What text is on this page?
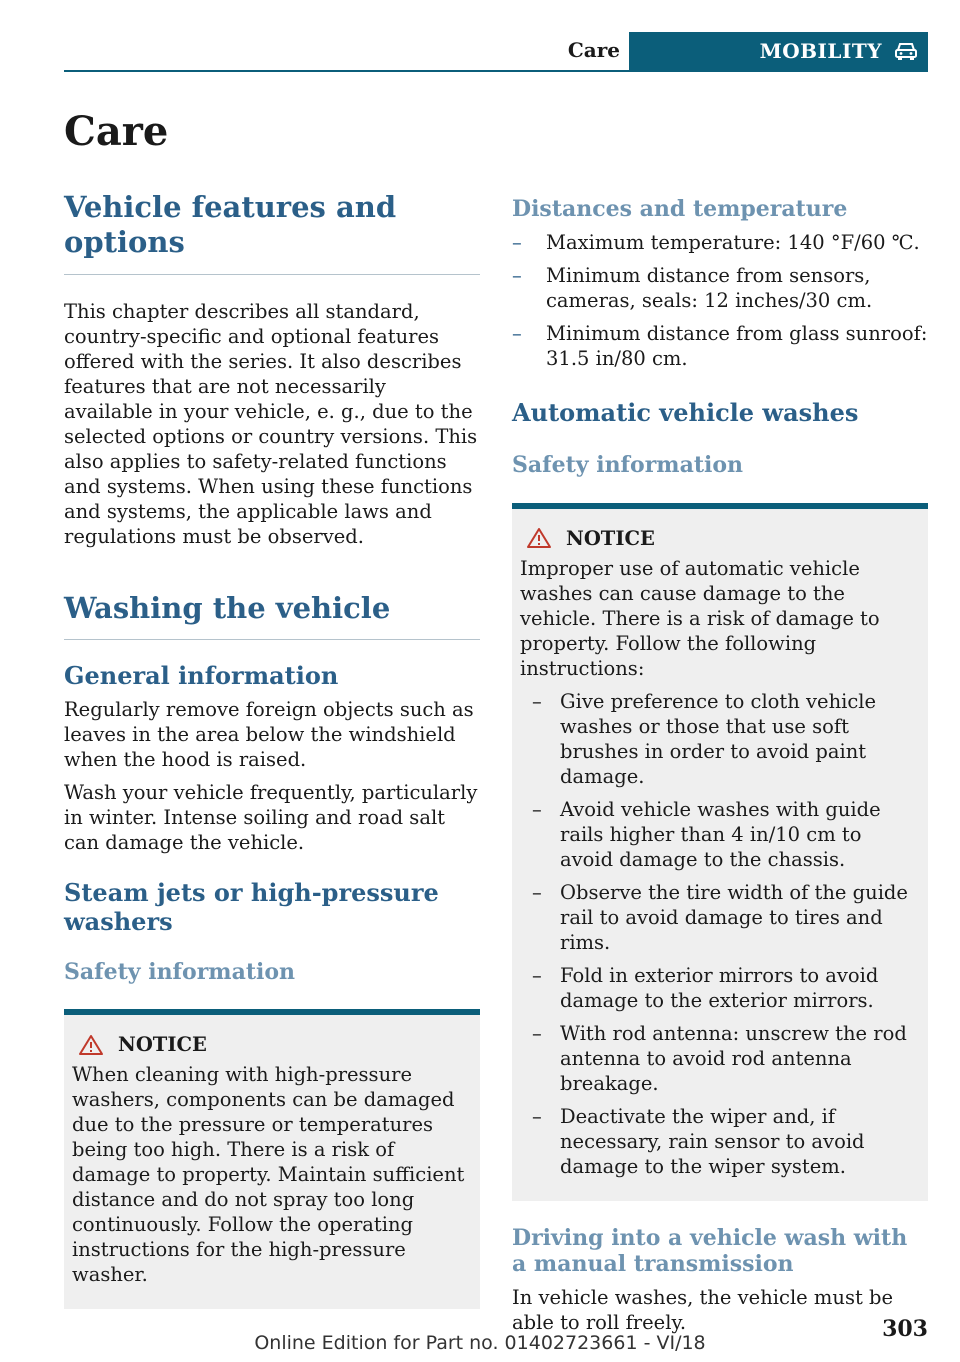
Care	MOBILITY
Care
Vehicle features and options

This chapter describes all standard, country-specific and optional features offered with the series. It also describes features that are not necessarily available in your vehicle, e. g., due to the selected options or country versions. This also applies to safety-related functions and systems. When using these functions and systems, the applicable laws and regulations must be observed.

Washing the vehicle
General information

Regularly remove foreign objects such as leaves in the area below the windshield when the hood is raised.

Wash your vehicle frequently, particularly in winter. Intense soiling and road salt can damage the vehicle.

Steam jets or high-pressure washers
Safety information
NOTICE

When cleaning with high-pressure washers, components can be damaged due to the pressure or temperatures being too high. There is a risk of damage to property. Maintain sufficient distance and do not spray too long continuously. Follow the operating instructions for the high-pressure washer.

Distances and temperature
– Maximum temperature: 140 °F/60 ℃.
– Minimum distance from sensors, cameras, seals: 12 inches/30 cm.
– Minimum distance from glass sunroof: 31.5 in/80 cm.
Automatic vehicle washes
Safety information
NOTICE

Improper use of automatic vehicle washes can cause damage to the vehicle. There is a risk of damage to property. Follow the following instructions:

– Give preference to cloth vehicle washes or those that use soft brushes in order to avoid paint damage.
– Avoid vehicle washes with guide rails higher than 4 in/10 cm to avoid damage to the chassis.
– Observe the tire width of the guide rail to avoid damage to tires and rims.
– Fold in exterior mirrors to avoid damage to the exterior mirrors.
– With rod antenna: unscrew the rod antenna to avoid rod antenna breakage.
– Deactivate the wiper and, if necessary, rain sensor to avoid damage to the wiper system.
Driving into a vehicle wash with a manual transmission

In vehicle washes, the vehicle must be able to roll freely.	303
Online Edition for Part no. 01402723661 - VI/18
